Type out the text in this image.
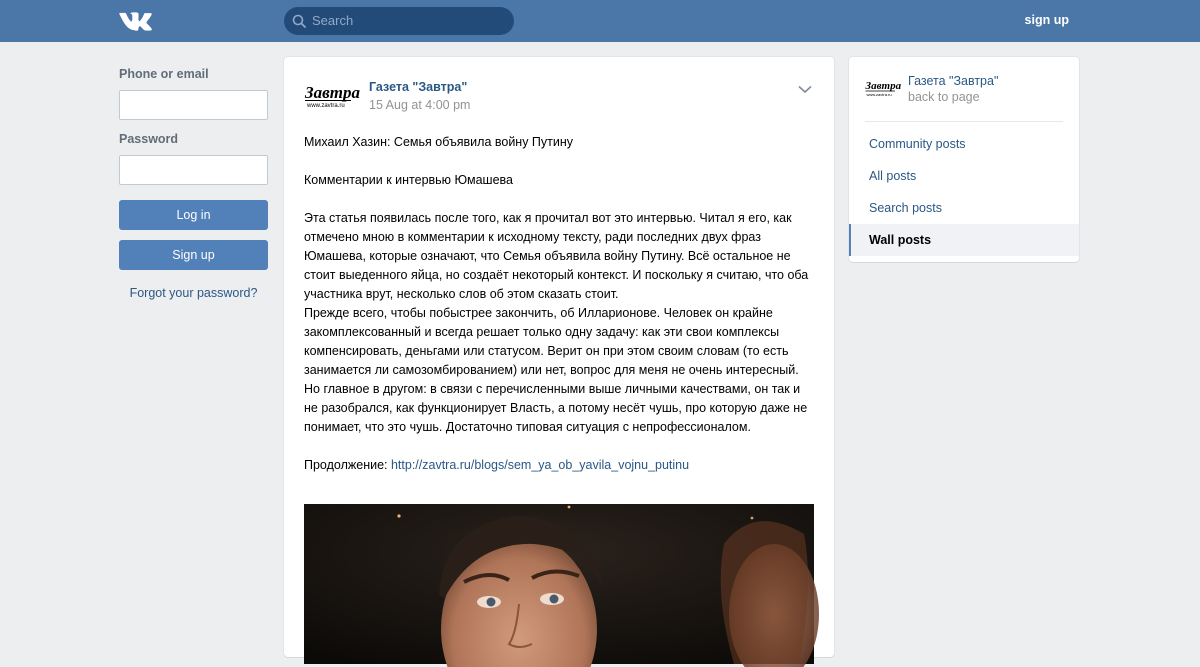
Search	sign up
Phone or email
Password
Log in
Sign up
Forgot your password?
Завтра
www.zavtra.ru
Газета "Завтра"
15 Aug at 4:00 pm

Михаил Хазин: Семья объявила войну Путину

Комментарии к интервью Юмашева

Эта статья появилась после того, как я прочитал вот это интервью. Читал я его, как отмечено мною в комментарии к исходному тексту, ради последних двух фраз Юмашева, которые означают, что Семья объявила войну Путину. Всё остальное не стоит выеденного яйца, но создаёт некоторый контекст. И поскольку я считаю, что оба участника врут, несколько слов об этом сказать стоит.

Прежде всего, чтобы побыстрее закончить, об Илларионове. Человек он крайне закомплексованный и всегда решает только одну задачу: как эти свои комплексы компенсировать, деньгами или статусом. Верит он при этом своим словам (то есть занимается ли самозомбированием) или нет, вопрос для меня не очень интересный. Но главное в другом: в связи с перечисленными выше личными качествами, он так и не разобрался, как функционирует Власть, а потому несёт чушь, про которую даже не понимает, что это чушь. Достаточно типовая ситуация с непрофессионалом.

Продолжение: http://zavtra.ru/blogs/sem_ya_ob_yavila_vojnu_putinu

Завтра
www.zavtra.ru
Газета "Завтра"
back to page
Community posts
All posts
Search posts
Wall posts
